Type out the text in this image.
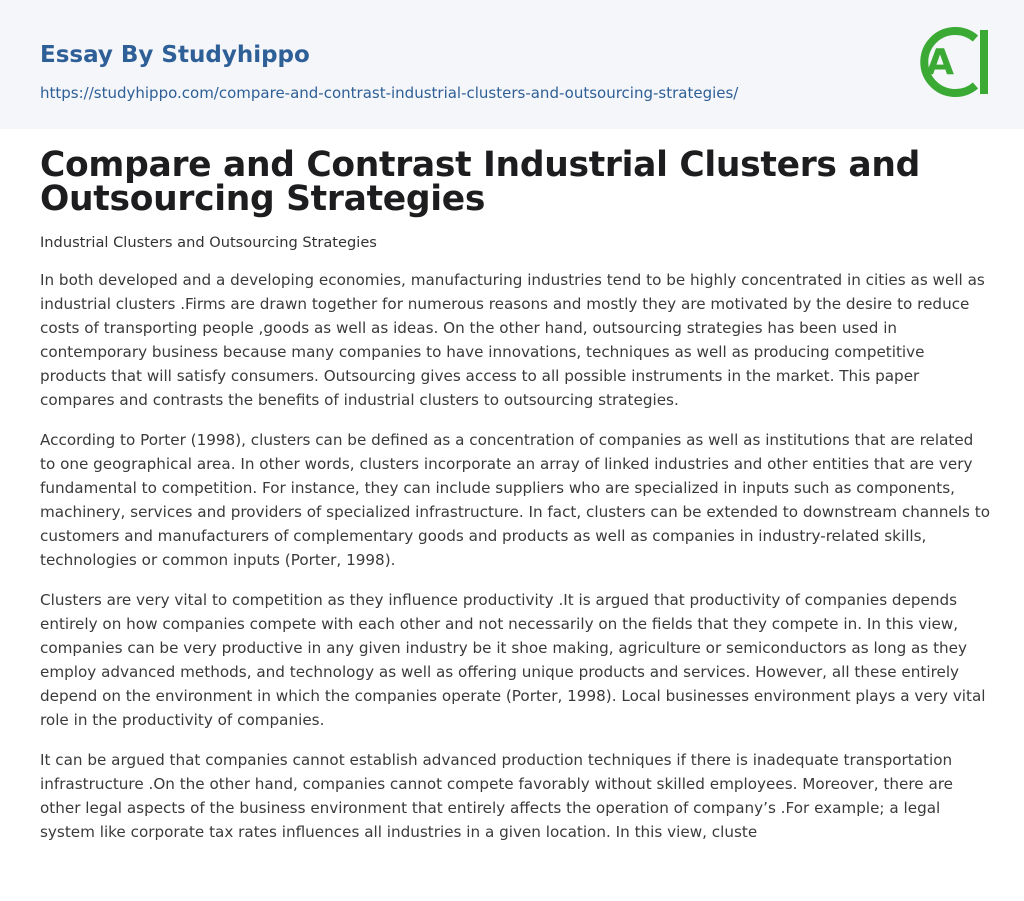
Essay By Studyhippo
https://studyhippo.com/compare-and-contrast-industrial-clusters-and-outsourcing-strategies/
A
Compare and Contrast Industrial Clusters and Outsourcing Strategies
Industrial Clusters and Outsourcing Strategies

In both developed and a developing economies, manufacturing industries tend to be highly concentrated in cities as well as industrial clusters .Firms are drawn together for numerous reasons and mostly they are motivated by the desire to reduce costs of transporting people ,goods as well as ideas. On the other hand, outsourcing strategies has been used in contemporary business because many companies to have innovations, techniques as well as producing competitive products that will satisfy consumers. Outsourcing gives access to all possible instruments in the market. This paper compares and contrasts the benefits of industrial clusters to outsourcing strategies.

According to Porter (1998), clusters can be defined as a concentration of companies as well as institutions that are related to one geographical area. In other words, clusters incorporate an array of linked industries and other entities that are very fundamental to competition. For instance, they can include suppliers who are specialized in inputs such as components, machinery, services and providers of specialized infrastructure. In fact, clusters can be extended to downstream channels to customers and manufacturers of complementary goods and products as well as companies in industry-related skills, technologies or common inputs (Porter, 1998).

Clusters are very vital to competition as they influence productivity .It is argued that productivity of companies depends entirely on how companies compete with each other and not necessarily on the fields that they compete in. In this view, companies can be very productive in any given industry be it shoe making, agriculture or semiconductors as long as they employ advanced methods, and technology as well as offering unique products and services. However, all these entirely depend on the environment in which the companies operate (Porter, 1998). Local businesses environment plays a very vital role in the productivity of companies.

It can be argued that companies cannot establish advanced production techniques if there is inadequate transportation infrastructure .On the other hand, companies cannot compete favorably without skilled employees. Moreover, there are other legal aspects of the business environment that entirely affects the operation of company’s .For example; a legal system like corporate tax rates influences all industries in a given location. In this view, cluste
